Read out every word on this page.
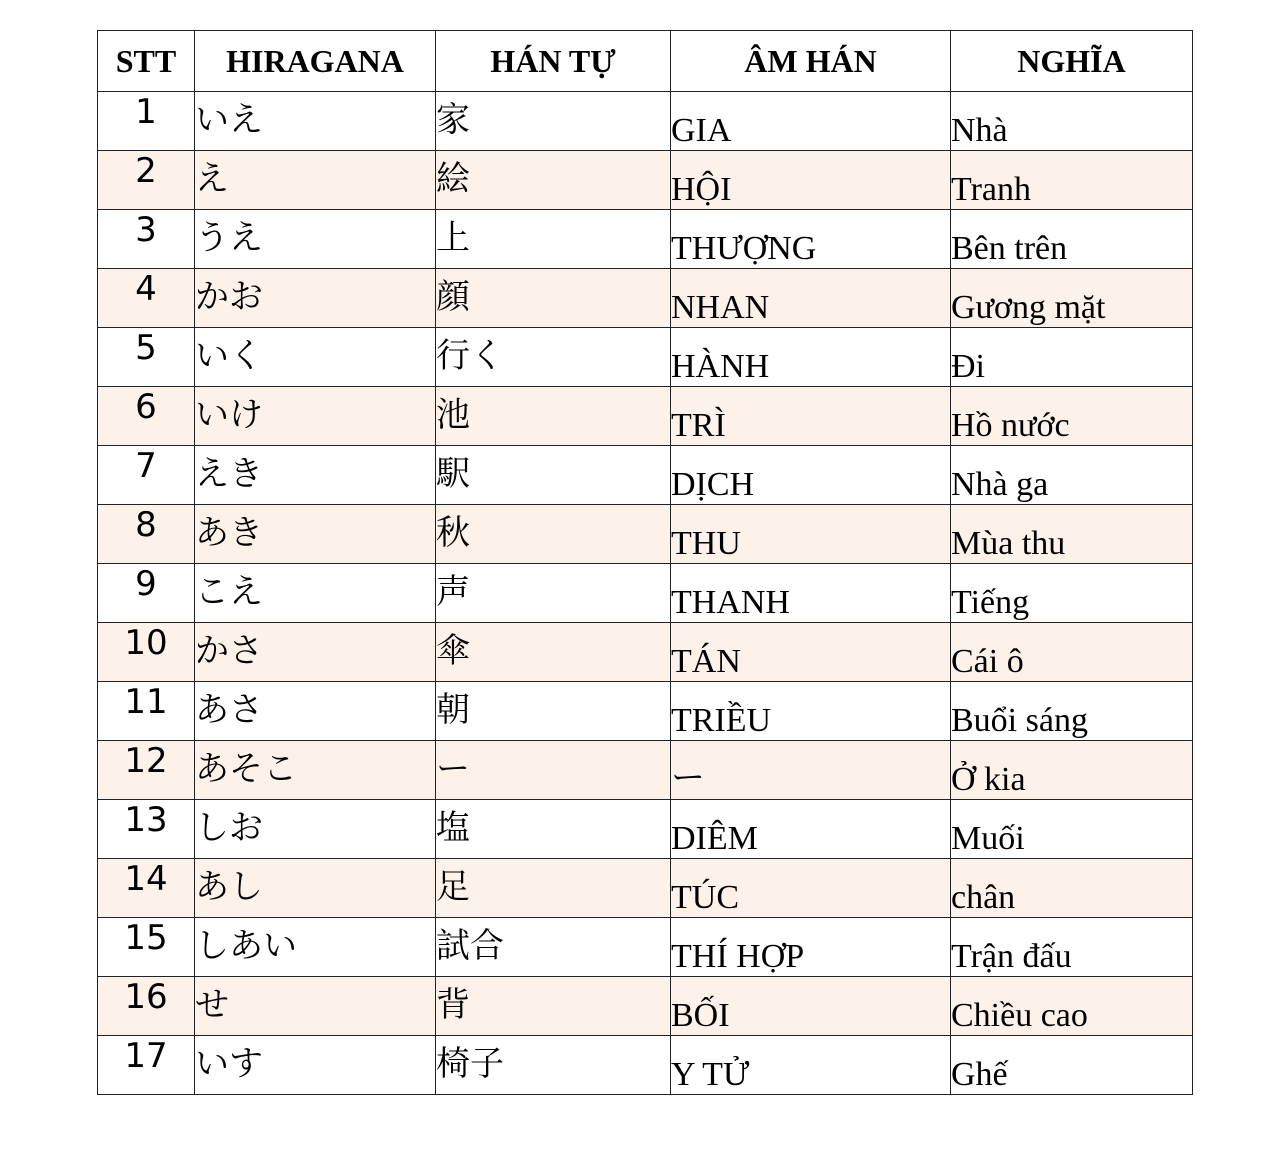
STT	HIRAGANA	HÁN TỰ	ÂM HÁN	NGHĨA
1	いえ	家	GIA	Nhà
2	え	絵	HỘI	Tranh
3	うえ	上	THƯỢNG	Bên trên
4	かお	顔	NHAN	Gương mặt
5	いく	行く	HÀNH	Đi
6	いけ	池	TRÌ	Hồ nước
7	えき	駅	DỊCH	Nhà ga
8	あき	秋	THU	Mùa thu
9	こえ	声	THANH	Tiếng
10	かさ	傘	TÁN	Cái ô
11	あさ	朝	TRIỀU	Buổi sáng
12	あそこ	ー	ー	Ở kia
13	しお	塩	DIÊM	Muối
14	あし	足	TÚC	chân
15	しあい	試合	THÍ HỢP	Trận đấu
16	せ	背	BỐI	Chiều cao
17	いす	椅子	Y TỬ	Ghế
